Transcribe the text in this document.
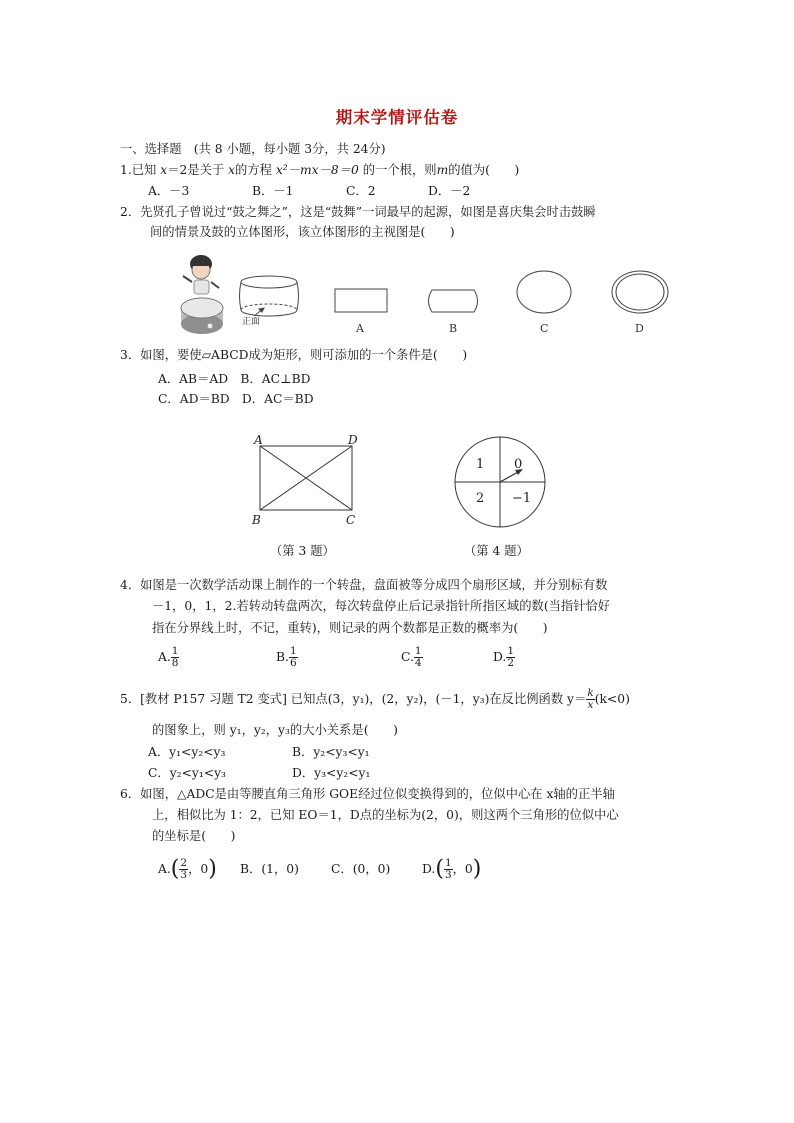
期末学情评估卷
一、选择题　(共 8 小题，每小题 3分，共 24分)
1.已知 x＝2是关于 x的方程 x²－mx－8＝0 的一个根，则m的值为(　　)
A．－3	B．－1	C．2	D．－2
2．先贤孔子曾说过“鼓之舞之”，这是“鼓舞”一词最早的起源，如图是喜庆集会时击鼓瞬
间的情景及鼓的立体图形，该立体图形的主视图是(　　)
正面	A	B	C	D
3．如图，要使▱ABCD成为矩形，则可添加的一个条件是(　　)
A．AB＝AD　B．AC⊥BD
C．AD＝BD　D．AC＝BD
A	D
B	C
（第 3 题）
1 0
2 −1
（第 4 题）
4．如图是一次数学活动课上制作的一个转盘，盘面被等分成四个扇形区域，并分别标有数
－1，0，1，2.若转动转盘两次，每次转盘停止后记录指针所指区域的数(当指针恰好
指在分界线上时，不记，重转)，则记录的两个数都是正数的概率为(　　)
A. $\frac{1}{8}$	B. $\frac{1}{6}$	C. $\frac{1}{4}$	D. $\frac{1}{2}$
5．[教材 P157 习题 T2 变式] 已知点(3，y₁)，(2，y₂)，(－1，y₃)在反比例函数 $y= \frac{k}{x} (k<0)$
的图象上，则 y₁，y₂，y₃的大小关系是(　　)
A．y₁<y₂<y₃	B．y₂<y₃<y₁
C．y₂<y₁<y₃	D．y₃<y₂<y₁
6．如图，△ADC是由等腰直角三角形 GOE经过位似变换得到的，位似中心在 x轴的正半轴
上，相似比为 1：2，已知 EO＝1，D点的坐标为(2，0)，则这两个三角形的位似中心
的坐标是(　　)
$A.( \frac{2}{3}$ ，0) B．(1，0)	C．(0，0)	$D.( \frac{1}{3}$ ，0)
